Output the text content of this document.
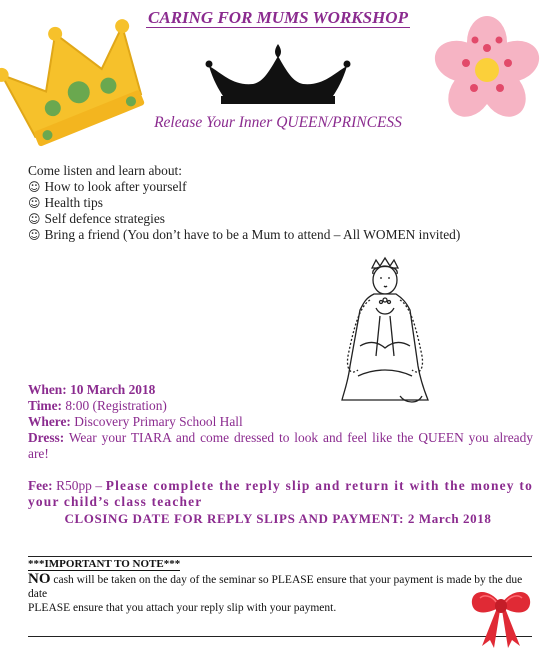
CARING FOR MUMS WORKSHOP
Release Your Inner QUEEN/PRINCESS
Come listen and learn about:
☺ How to look after yourself
☺ Health tips
☺ Self defence strategies
☺ Bring a friend (You don’t have to be a Mum to attend – All WOMEN invited)
When: 10 March 2018
Time: 8:00 (Registration)
Where: Discovery Primary School Hall
Dress: Wear your TIARA and come dressed to look and feel like the QUEEN you already are!
Fee: R50pp – Please complete the reply slip and return it with the money to your child’s class teacher
CLOSING DATE FOR REPLY SLIPS AND PAYMENT: 2 March 2018
***IMPORTANT TO NOTE***
NO cash will be taken on the day of the seminar so PLEASE ensure that your payment is made by the due date
PLEASE ensure that you attach your reply slip with your payment.
